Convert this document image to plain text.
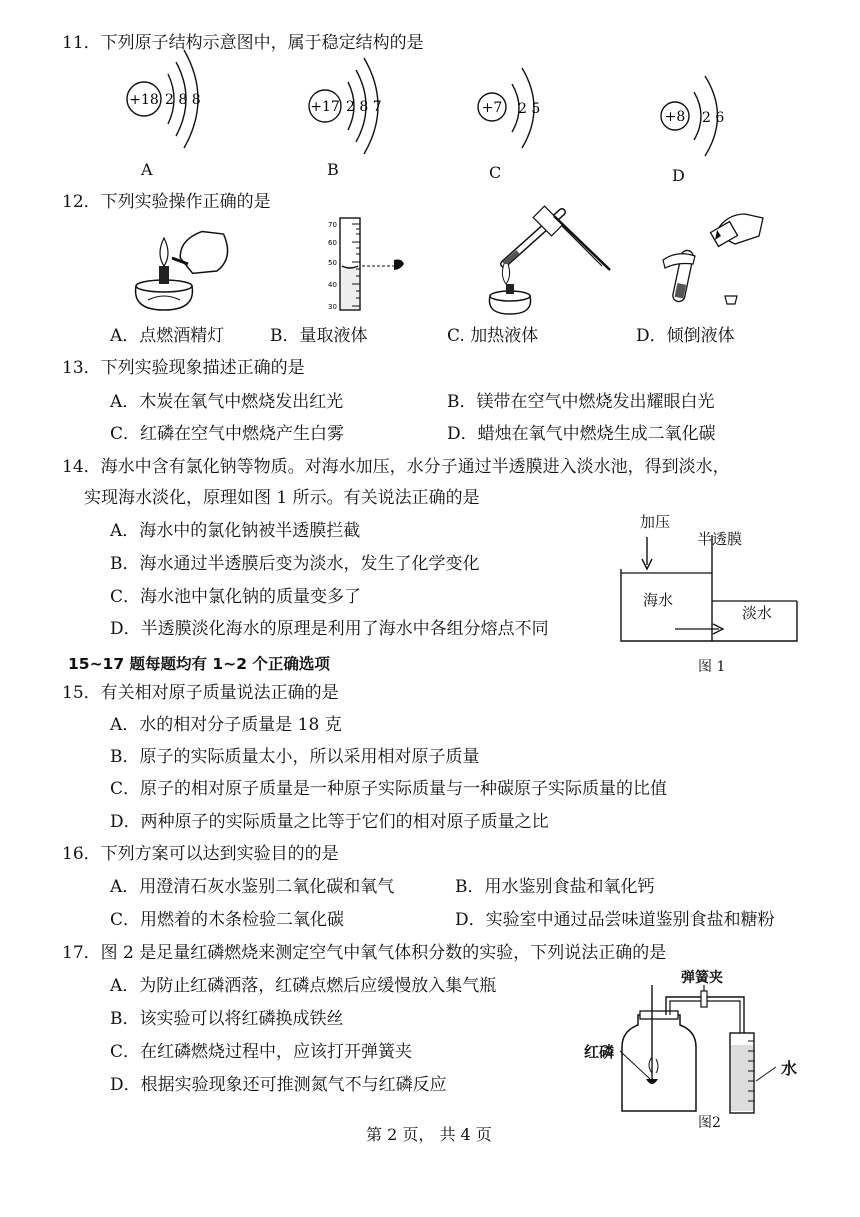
11．下列原子结构示意图中，属于稳定结构的是
+18 2 8 8	+17 2 8 7	+7 2 5	+8 2 6
A	B	C	D
12．下列实验操作正确的是
70
60
50
40
30
A．点燃酒精灯	B．量取液体	C. 加热液体	D．倾倒液体
13．下列实验现象描述正确的是
A．木炭在氧气中燃烧发出红光	B．镁带在空气中燃烧发出耀眼白光
C．红磷在空气中燃烧产生白雾	D．蜡烛在氧气中燃烧生成二氧化碳
14．海水中含有氯化钠等物质。对海水加压，水分子通过半透膜进入淡水池，得到淡水，
实现海水淡化，原理如图 1 所示。有关说法正确的是
A．海水中的氯化钠被半透膜拦截
B．海水通过半透膜后变为淡水，发生了化学变化
C．海水池中氯化钠的质量变多了
D．半透膜淡化海水的原理是利用了海水中各组分熔点不同
加压
半透膜
海水
淡水
图 1
15~17 题每题均有 1~2 个正确选项
15．有关相对原子质量说法正确的是
A．水的相对分子质量是 18 克
B．原子的实际质量太小，所以采用相对原子质量
C．原子的相对原子质量是一种原子实际质量与一种碳原子实际质量的比值
D．两种原子的实际质量之比等于它们的相对原子质量之比
16．下列方案可以达到实验目的的是
A．用澄清石灰水鉴别二氧化碳和氧气	B．用水鉴别食盐和氧化钙
C．用燃着的木条检验二氧化碳	D．实验室中通过品尝味道鉴别食盐和糖粉
17．图 2 是足量红磷燃烧来测定空气中氧气体积分数的实验，下列说法正确的是
A．为防止红磷洒落，红磷点燃后应缓慢放入集气瓶
B．该实验可以将红磷换成铁丝
C．在红磷燃烧过程中，应该打开弹簧夹
D．根据实验现象还可推测氮气不与红磷反应
弹簧夹
红磷
水
图2
第 2 页， 共 4 页
